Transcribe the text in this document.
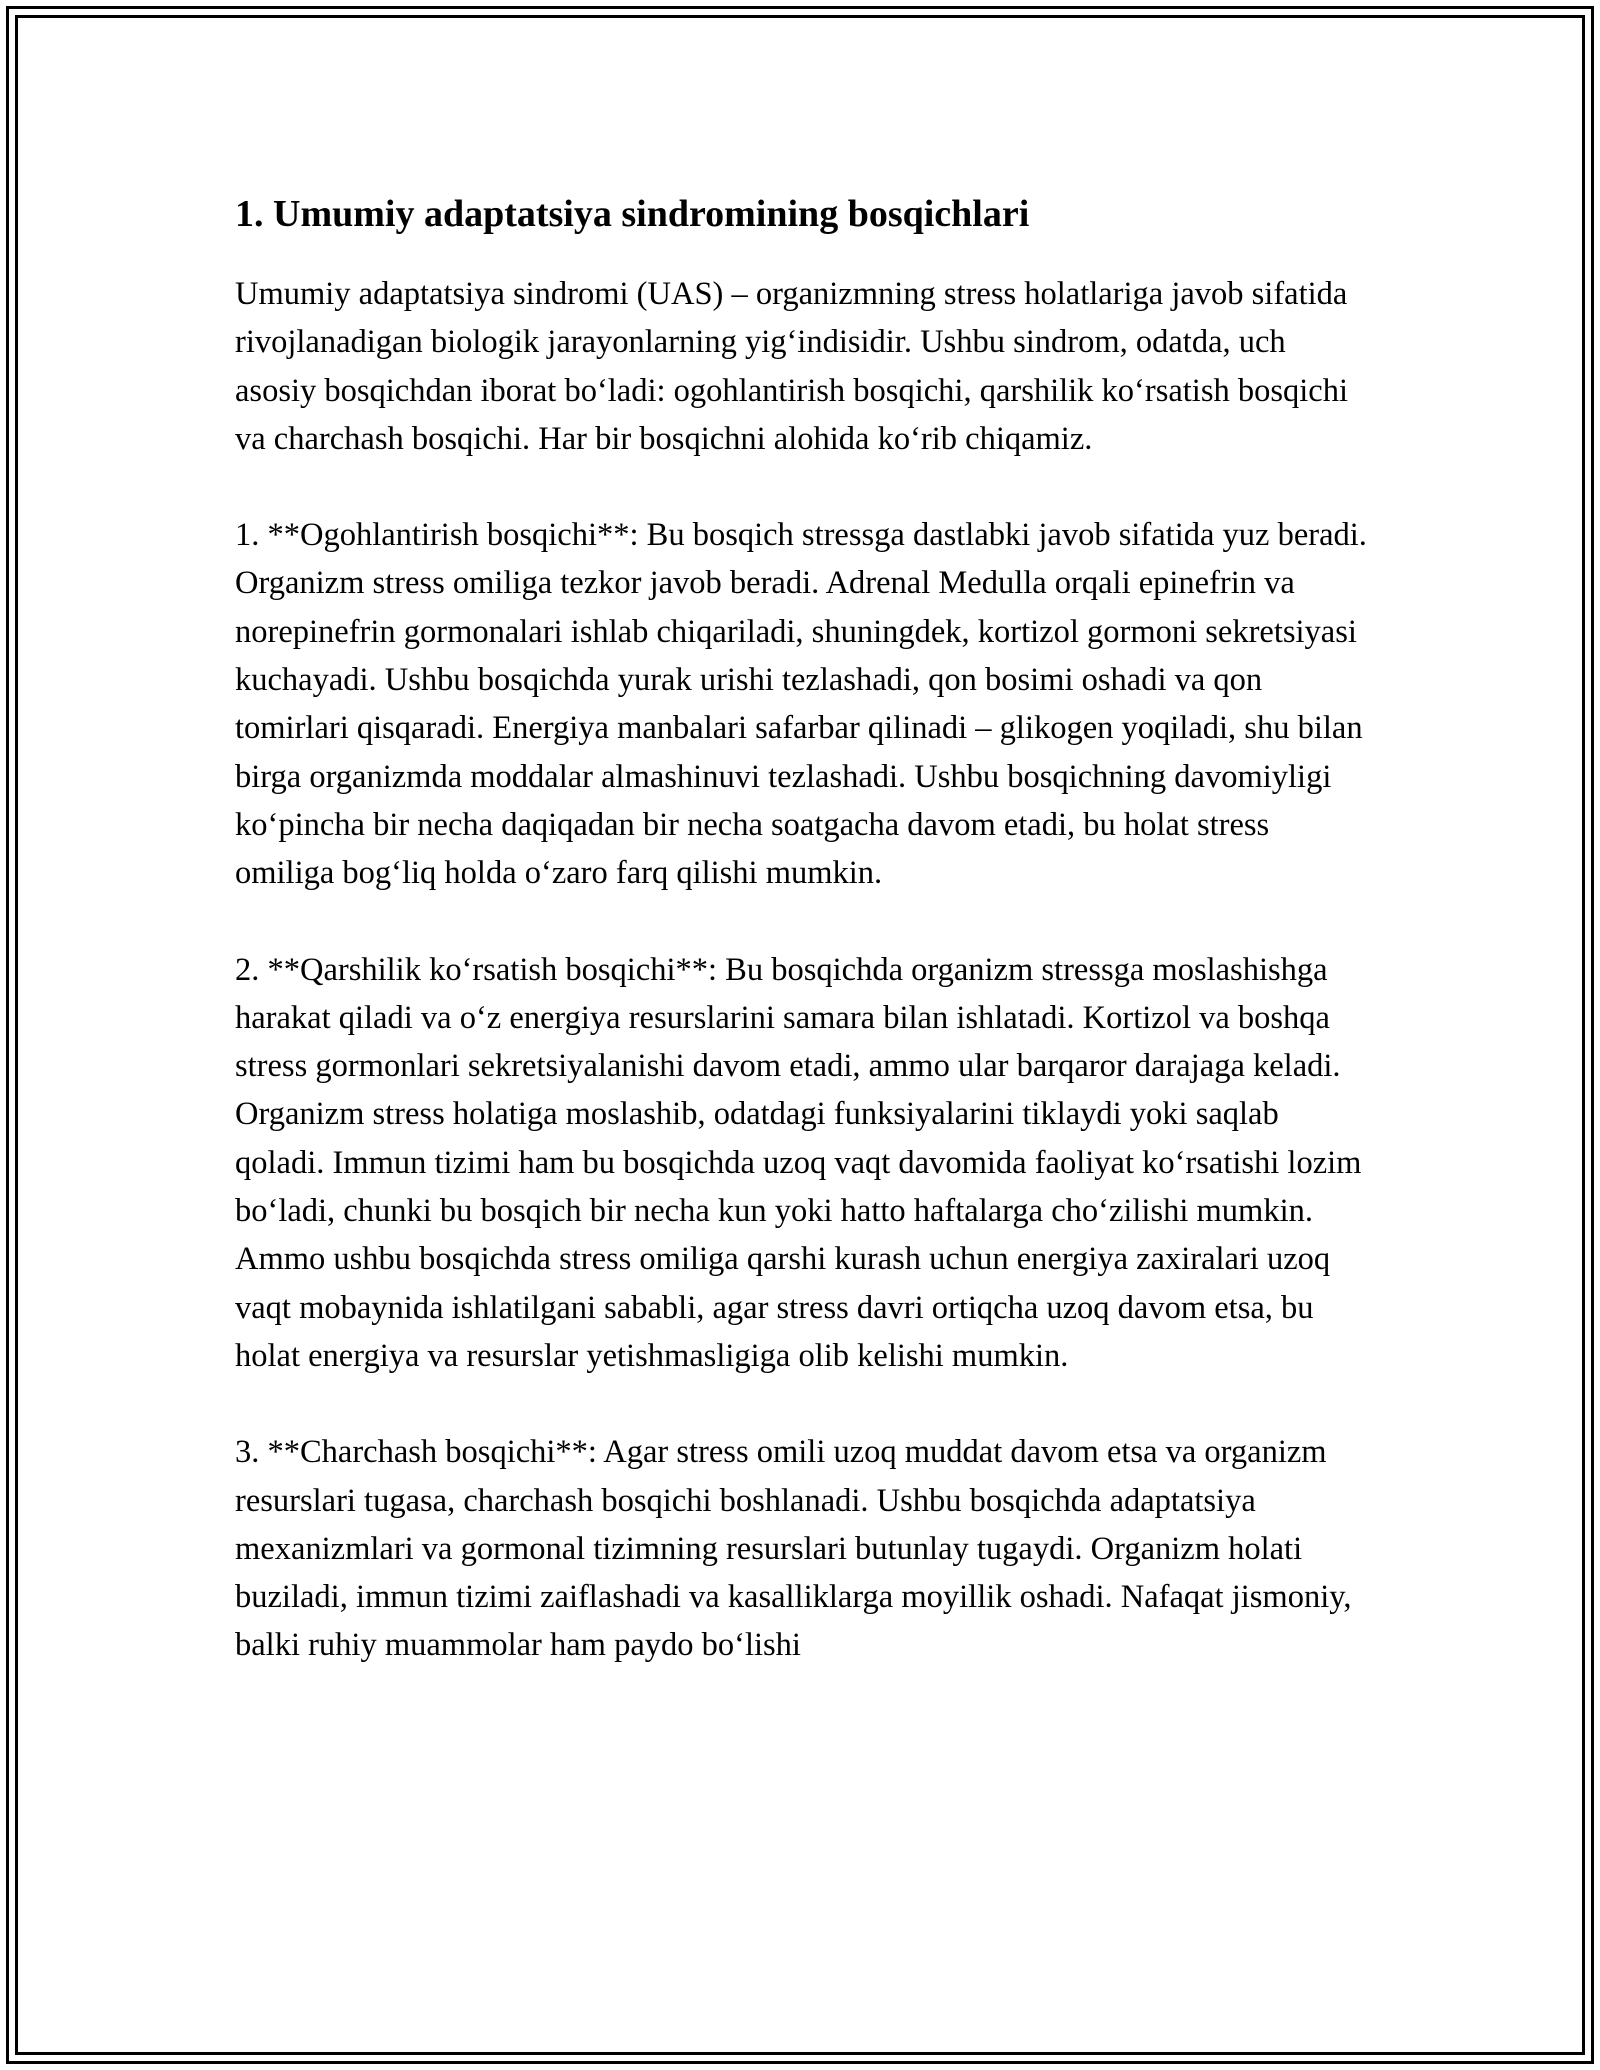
1. Umumiy adaptatsiya sindromining bosqichlari

Umumiy adaptatsiya sindromi (UAS) – organizmning stress holatlariga javob sifatida rivojlanadigan biologik jarayonlarning yig‘indisidir. Ushbu sindrom, odatda, uch asosiy bosqichdan iborat bo‘ladi: ogohlantirish bosqichi, qarshilik ko‘rsatish bosqichi va charchash bosqichi. Har bir bosqichni alohida ko‘rib chiqamiz.

1. **Ogohlantirish bosqichi**: Bu bosqich stressga dastlabki javob sifatida yuz beradi. Organizm stress omiliga tezkor javob beradi. Adrenal Medulla orqali epinefrin va norepinefrin gormonalari ishlab chiqariladi, shuningdek, kortizol gormoni sekretsiyasi kuchayadi. Ushbu bosqichda yurak urishi tezlashadi, qon bosimi oshadi va qon tomirlari qisqaradi. Energiya manbalari safarbar qilinadi – glikogen yoqiladi, shu bilan birga organizmda moddalar almashinuvi tezlashadi. Ushbu bosqichning davomiyligi ko‘pincha bir necha daqiqadan bir necha soatgacha davom etadi, bu holat stress omiliga bog‘liq holda o‘zaro farq qilishi mumkin.

2. **Qarshilik ko‘rsatish bosqichi**: Bu bosqichda organizm stressga moslashishga harakat qiladi va o‘z energiya resurslarini samara bilan ishlatadi. Kortizol va boshqa stress gormonlari sekretsiyalanishi davom etadi, ammo ular barqaror darajaga keladi. Organizm stress holatiga moslashib, odatdagi funksiyalarini tiklaydi yoki saqlab qoladi. Immun tizimi ham bu bosqichda uzoq vaqt davomida faoliyat ko‘rsatishi lozim bo‘ladi, chunki bu bosqich bir necha kun yoki hatto haftalarga cho‘zilishi mumkin. Ammo ushbu bosqichda stress omiliga qarshi kurash uchun energiya zaxiralari uzoq vaqt mobaynida ishlatilgani sababli, agar stress davri ortiqcha uzoq davom etsa, bu holat energiya va resurslar yetishmasligiga olib kelishi mumkin.

3. **Charchash bosqichi**: Agar stress omili uzoq muddat davom etsa va organizm resurslari tugasa, charchash bosqichi boshlanadi. Ushbu bosqichda adaptatsiya mexanizmlari va gormonal tizimning resurslari butunlay tugaydi. Organizm holati buziladi, immun tizimi zaiflashadi va kasalliklarga moyillik oshadi. Nafaqat jismoniy, balki ruhiy muammolar ham paydo bo‘lishi
